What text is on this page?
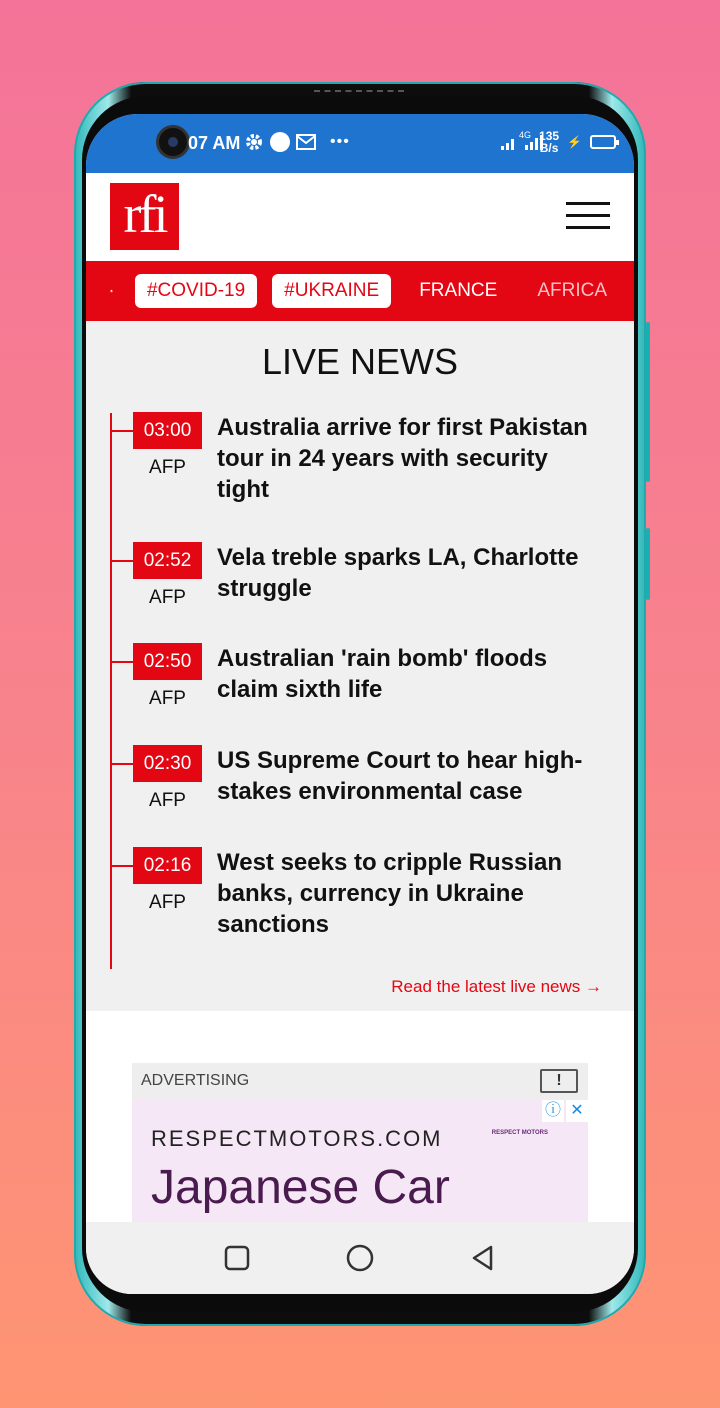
07 AM	•••	4G 135
B/s ⚡
rfi
#COVID-19	#UKRAINE	FRANCE AFRICA
LIVE NEWS
03:00
AFP
Australia arrive for first Pakistan tour in 24 years with security tight
02:52
AFP
Vela treble sparks LA, Charlotte struggle
02:50
AFP
Australian 'rain bomb' floods claim sixth life
02:30
AFP
US Supreme Court to hear high-stakes environmental case
02:16
AFP
West seeks to cripple Russian banks, currency in Ukraine sanctions
Read the latest live news →
ADVERTISING	!
ⓘ ✕
RESPECTMOTORS.COM	RESPECT MOTORS
Japanese Car
